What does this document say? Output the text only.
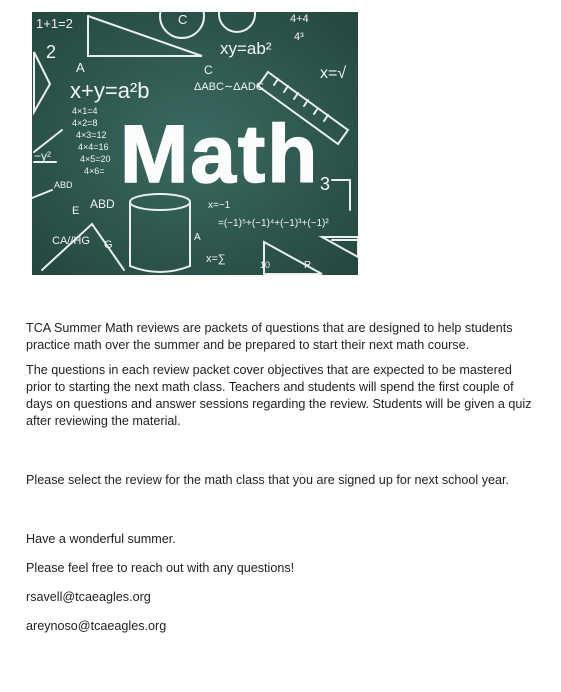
1+1=2
2
A
C
C
xy=ab²
4+4
4³
x=√
ΔABC∼ΔADC
x+y=a²b
4×1=4
4×2=8
4×3=12
4×4=16
4×5=20
4×6=
−y²
ABD
ABD
CA//HG
E
G
3
x=−1
=(−1)⁵+(−1)⁴+(−1)³+(−1)²
x=∑	10	R
A
Math

TCA Summer Math reviews are packets of questions that are designed to help students practice math over the summer and be prepared to start their next math course.

The questions in each review packet cover objectives that are expected to be mastered prior to starting the next math class. Teachers and students will spend the first couple of days on questions and answer sessions regarding the review. Students will be given a quiz after reviewing the material.

Please select the review for the math class that you are signed up for next school year.

Have a wonderful summer.

Please feel free to reach out with any questions!

rsavell@tcaeagles.org

areynoso@tcaeagles.org
